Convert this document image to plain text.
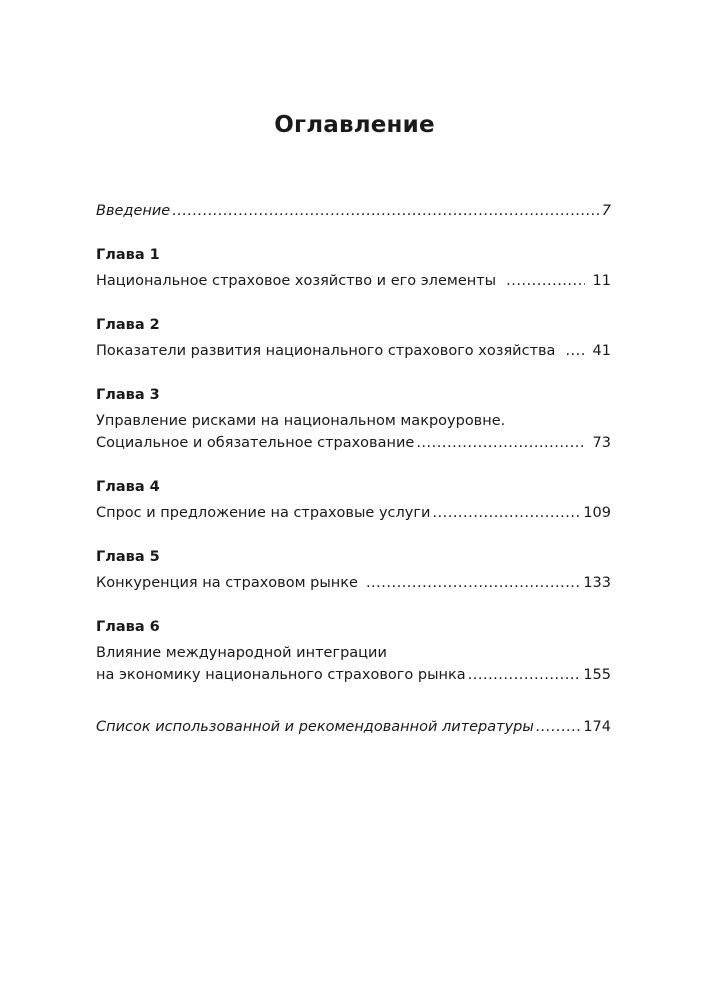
Оглавление
Введение .....	7
Глава 1
Национальное страховое хозяйство и его элементы .....	11
Глава 2
Показатели развития национального страхового хозяйства .....	41
Глава 3
Управление рисками на национальном макроуровне.
Социальное и обязательное страхование .....	73
Глава 4
Спрос и предложение на страховые услуги .....	109
Глава 5
Конкуренция на страховом рынке .....	133
Глава 6
Влияние международной интеграции
на экономику национального страхового рынка .....	155
Список использованной и рекомендованной литературы .....	174
